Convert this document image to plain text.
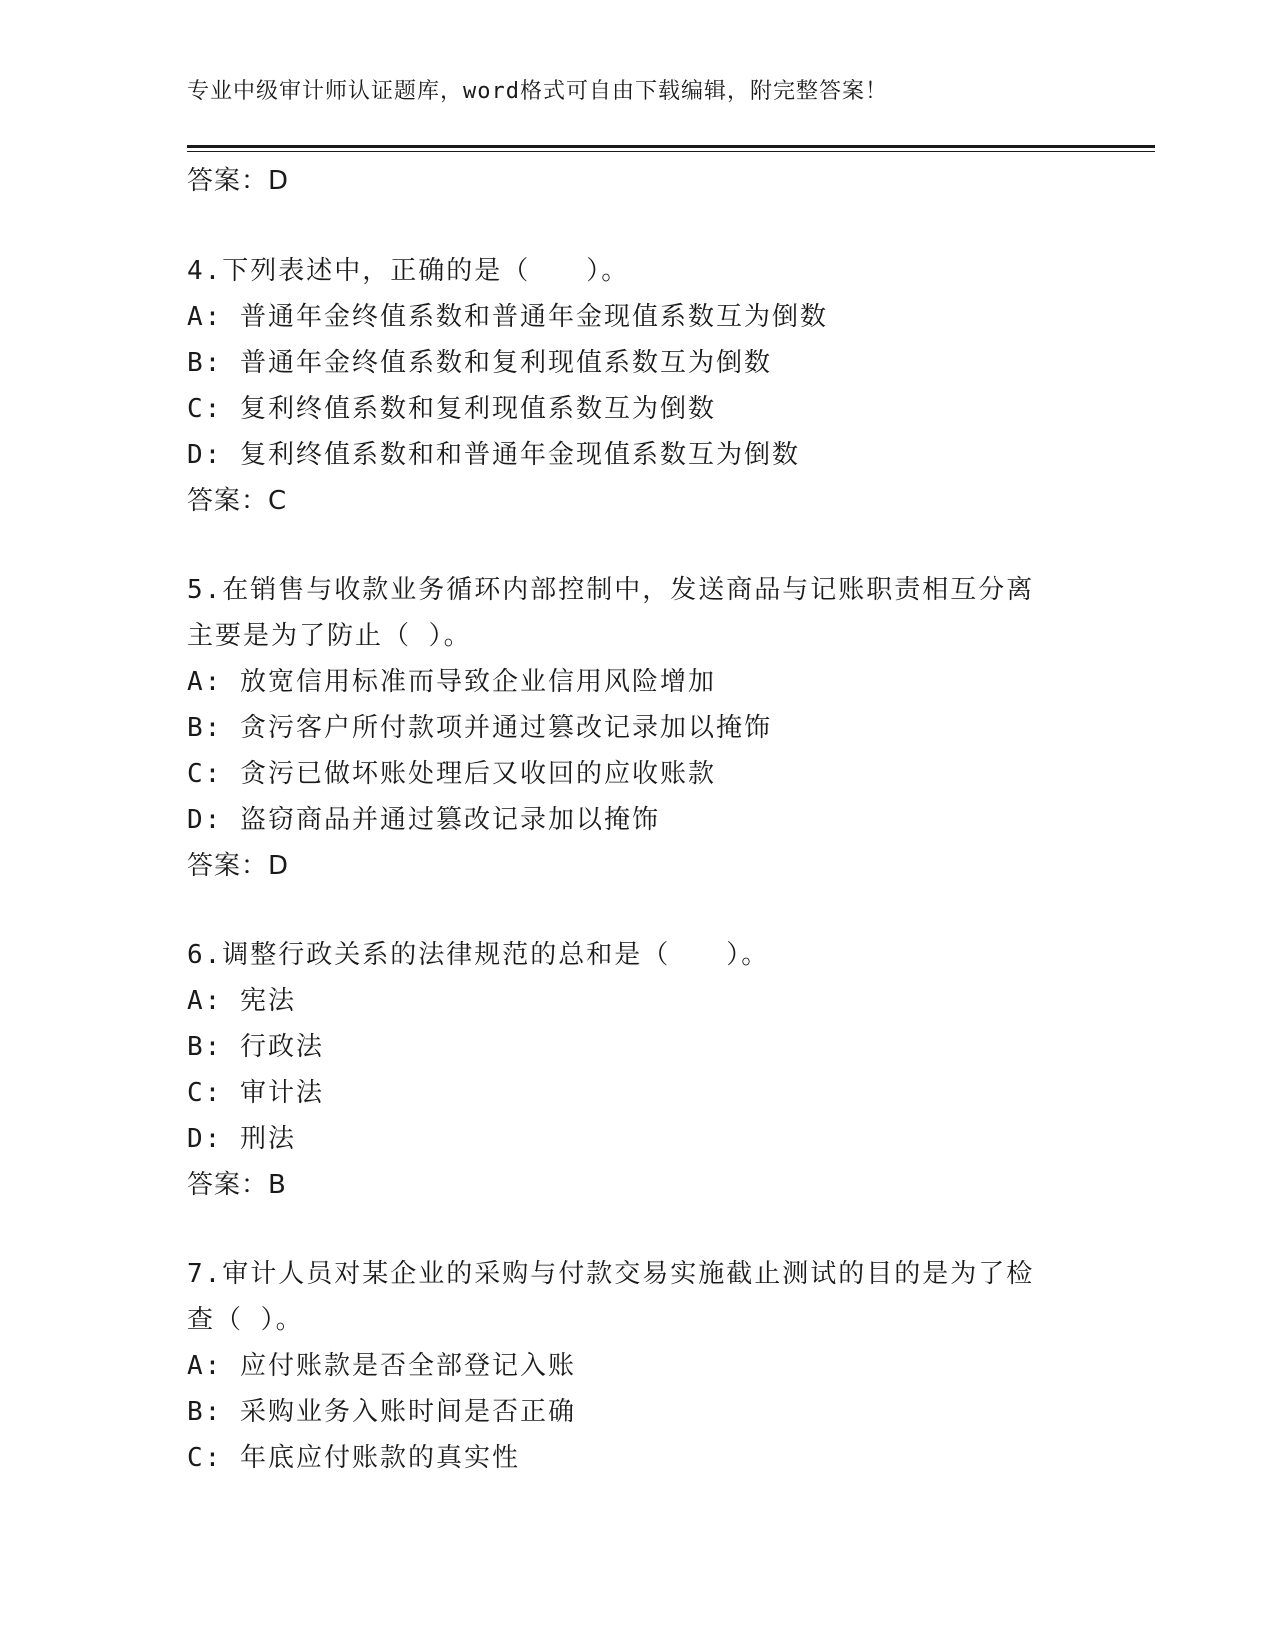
专业中级审计师认证题库，word格式可自由下载编辑，附完整答案！
答案：D
4.下列表述中，正确的是（　　）。
A: 普通年金终值系数和普通年金现值系数互为倒数
B: 普通年金终值系数和复利现值系数互为倒数
C: 复利终值系数和复利现值系数互为倒数
D: 复利终值系数和和普通年金现值系数互为倒数
答案：C
5.在销售与收款业务循环内部控制中，发送商品与记账职责相互分离
主要是为了防止（ ）。
A: 放宽信用标准而导致企业信用风险增加
B: 贪污客户所付款项并通过篡改记录加以掩饰
C: 贪污已做坏账处理后又收回的应收账款
D: 盗窃商品并通过篡改记录加以掩饰
答案：D
6.调整行政关系的法律规范的总和是（　　）。
A: 宪法
B: 行政法
C: 审计法
D: 刑法
答案：B
7.审计人员对某企业的采购与付款交易实施截止测试的目的是为了检
查（ ）。
A: 应付账款是否全部登记入账
B: 采购业务入账时间是否正确
C: 年底应付账款的真实性
